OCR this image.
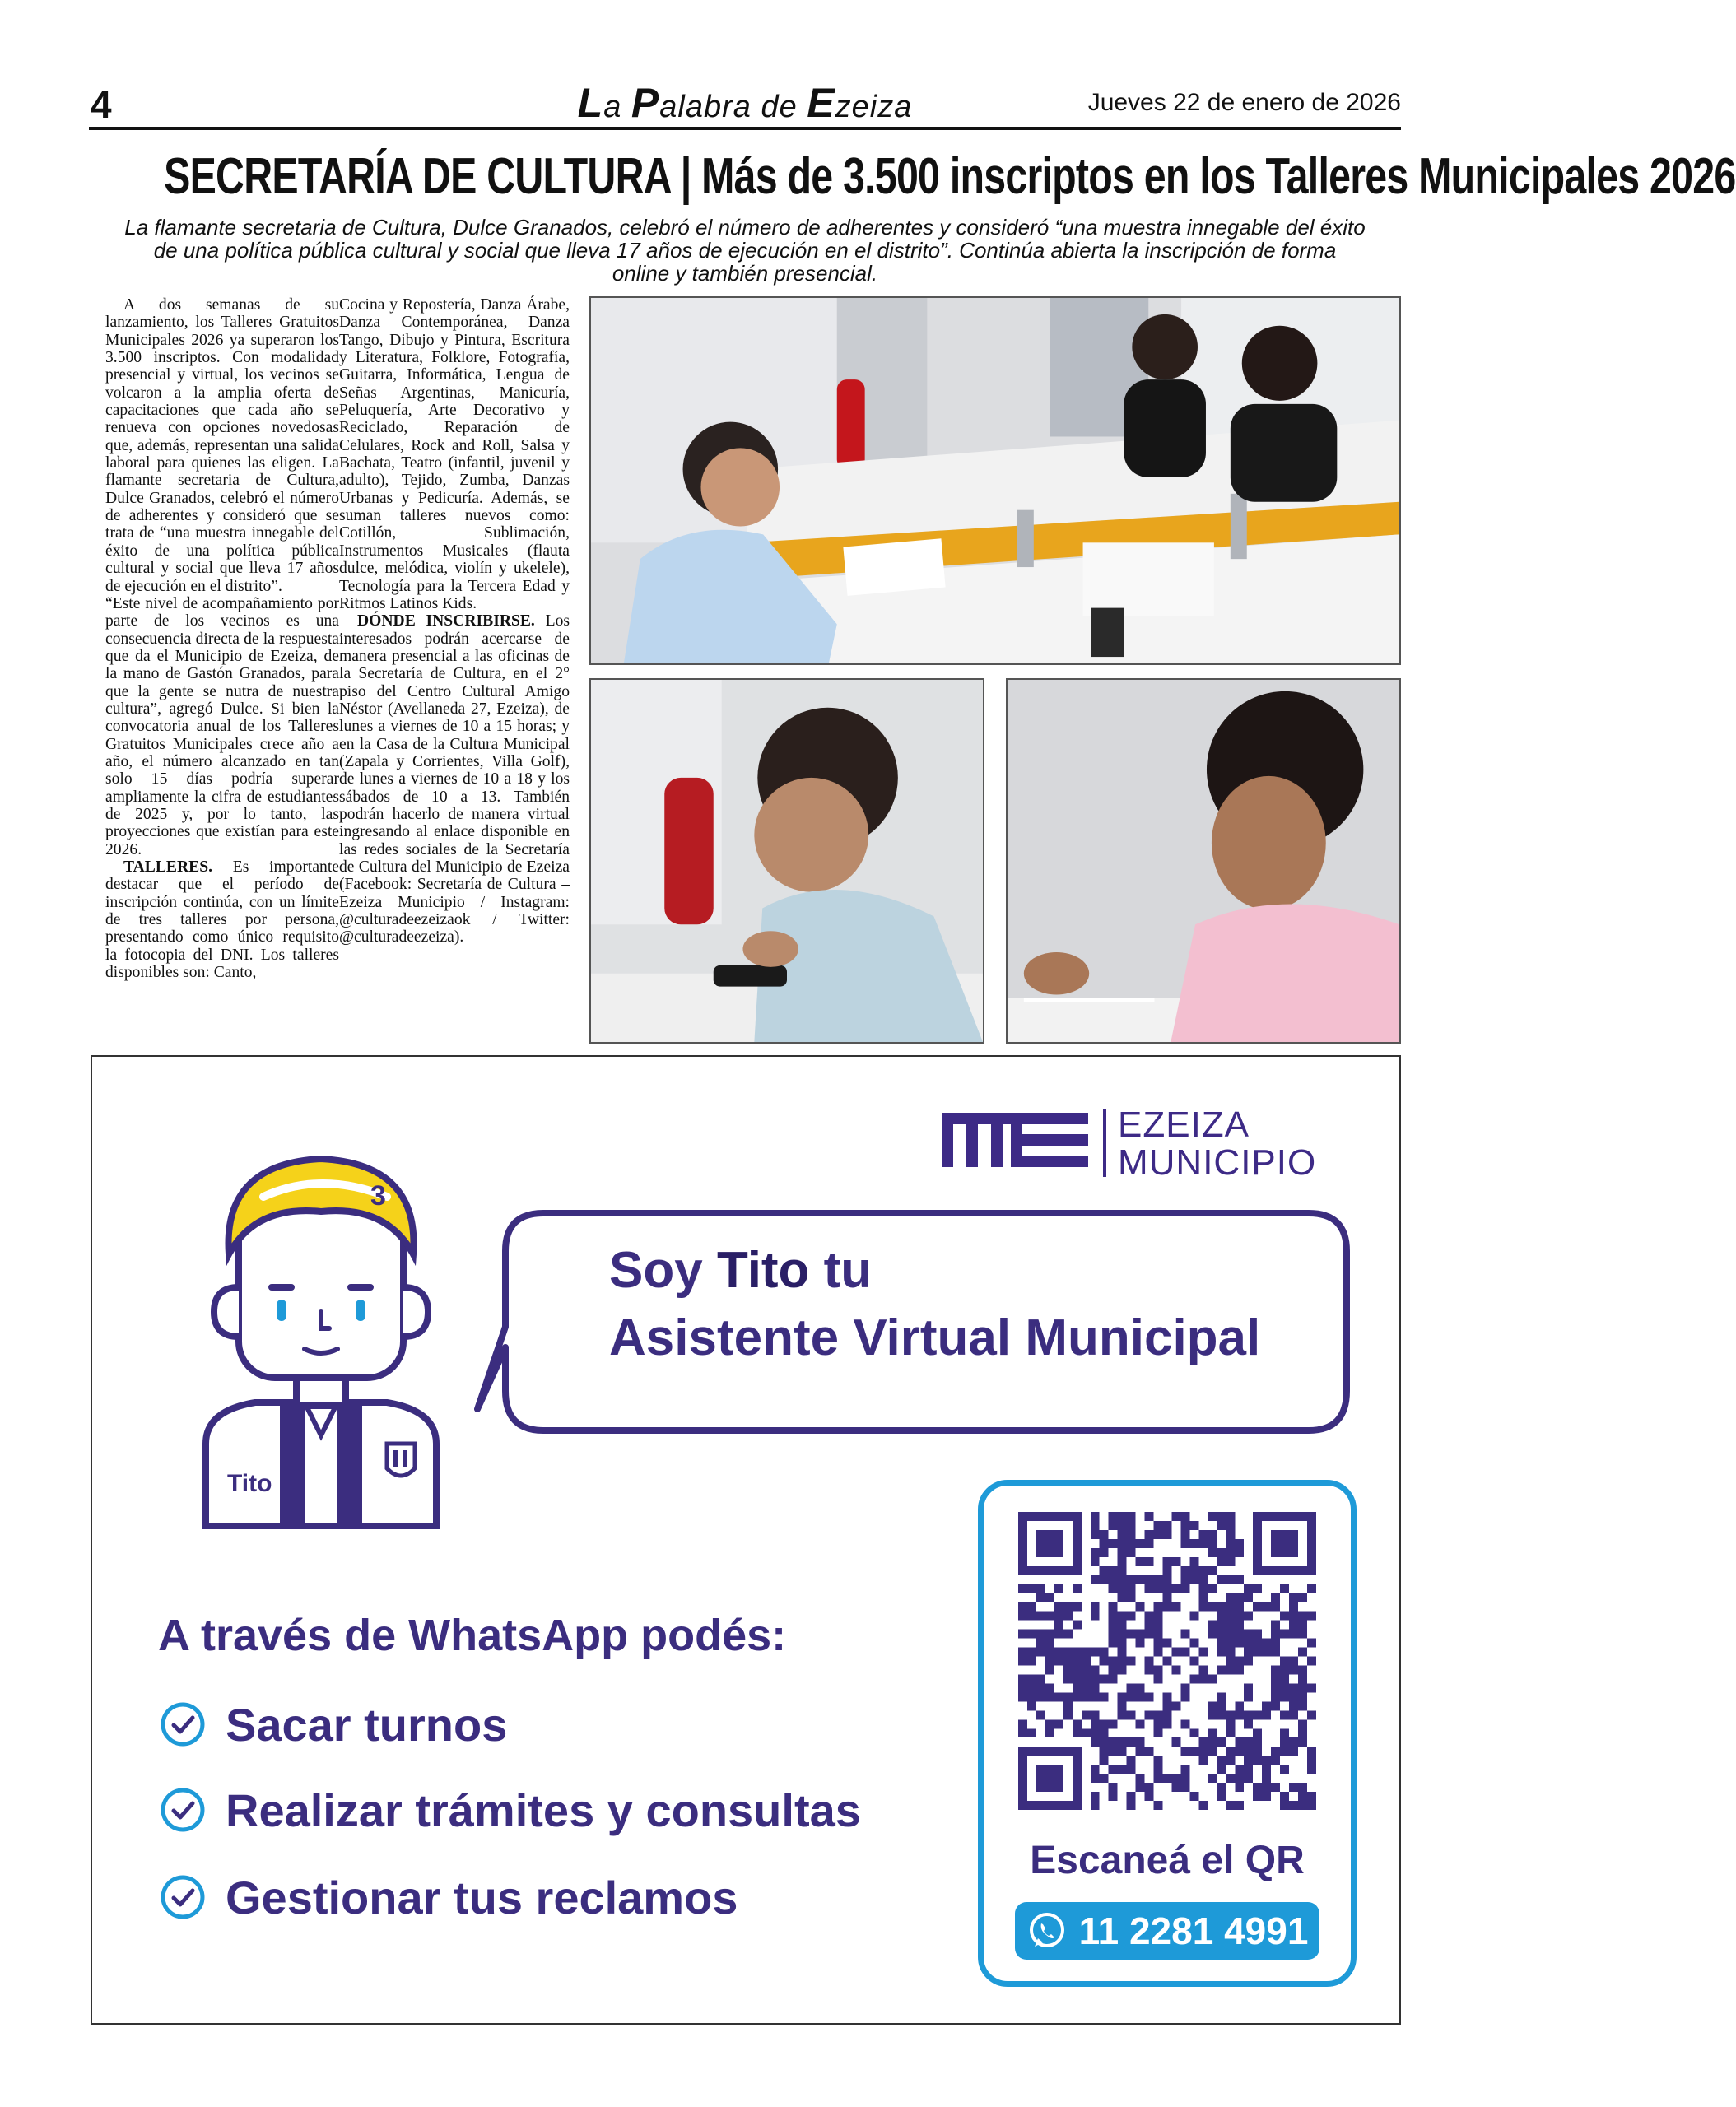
4	La Palabra de Ezeiza	Jueves 22 de enero de 2026
SECRETARÍA DE CULTURA | Más de 3.500 inscriptos en los Talleres Municipales 2026
La flamante secretaria de Cultura, Dulce Granados, celebró el número de adherentes y consideró “una muestra innegable del éxito de una política pública cultural y social que lleva 17 años de ejecución en el distrito”. Continúa abierta la inscripción de forma online y también presencial.

A dos semanas de su lanzamiento, los Talleres Gratuitos Municipales 2026 ya superaron los 3.500 inscriptos. Con modalidad presencial y virtual, los vecinos se volcaron a la amplia oferta de capacitaciones que cada año se renueva con opciones novedosas que, además, representan una salida laboral para quienes las eligen. La flamante secretaria de Cultura, Dulce Granados, celebró el número de adherentes y consideró que se trata de “una muestra innegable del éxito de una política pública cultural y social que lleva 17 años de ejecución en el distrito”.

“Este nivel de acompañamiento por parte de los vecinos es una consecuencia directa de la respuesta que da el Municipio de Ezeiza, de la mano de Gastón Granados, para que la gente se nutra de nuestra cultura”, agregó Dulce. Si bien la convocatoria anual de los Talleres Gratuitos Municipales crece año a año, el número alcanzado en tan solo 15 días podría superar ampliamente la cifra de estudiantes de 2025 y, por lo tanto, las proyecciones que existían para este 2026.

TALLERES. Es importante destacar que el período de inscripción continúa, con un límite de tres talleres por persona, presentando como único requisito la fotocopia del DNI. Los talleres disponibles son: Canto,

Cocina y Repostería, Danza Árabe, Danza Contemporánea, Danza Tango, Dibujo y Pintura, Escritura y Literatura, Folklore, Fotografía, Guitarra, Informática, Lengua de Señas Argentinas, Manicuría, Peluquería, Arte Decorativo y Reciclado, Reparación de Celulares, Rock and Roll, Salsa y Bachata, Teatro (infantil, juvenil y adulto), Tejido, Zumba, Danzas Urbanas y Pedicuría. Además, se suman talleres nuevos como: Cotillón, Sublimación, Instrumentos Musicales (flauta dulce, melódica, violín y ukelele), Tecnología para la Tercera Edad y Ritmos Latinos Kids.

DÓNDE INSCRIBIRSE. Los interesados podrán acercarse de manera presencial a las oficinas de la Secretaría de Cultura, en el 2° piso del Centro Cultural Amigo Néstor (Avellaneda 27, Ezeiza), de lunes a viernes de 10 a 15 horas; y en la Casa de la Cultura Municipal (Zapala y Corrientes, Villa Golf), de lunes a viernes de 10 a 18 y los sábados de 10 a 13. También podrán hacerlo de manera virtual ingresando al enlace disponible en las redes sociales de la Secretaría de Cultura del Municipio de Ezeiza (Facebook: Secretaría de Cultura – Ezeiza Municipio / Instagram: @culturadeezeizaok / Twitter: @culturadeezeiza).

EZEIZA
MUNICIPIO
Soy Tito tu
Asistente Virtual Municipal
3
Tito
A través de WhatsApp podés:
Sacar turnos
Realizar trámites y consultas
Gestionar tus reclamos
Escaneá el QR
11 2281 4991
